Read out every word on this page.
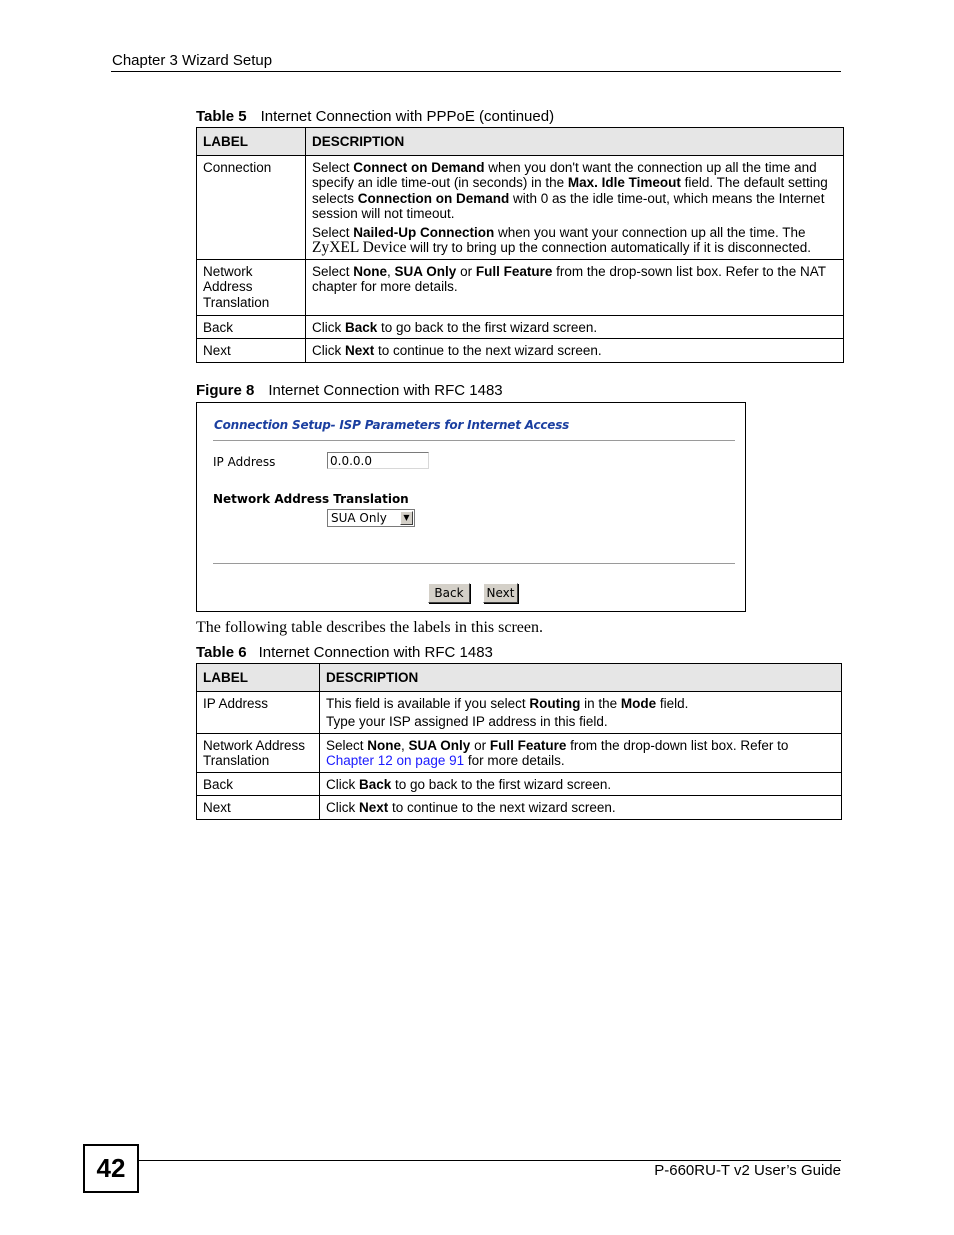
Chapter 3 Wizard Setup
Table 5 Internet Connection with PPPoE (continued)
LABEL	DESCRIPTION
Connection	Select Connect on Demand when you don't want the connection up all the time and specify an idle time-out (in seconds) in the Max. Idle Timeout field. The default setting selects Connection on Demand with 0 as the idle time-out, which means the Internet session will not timeout.

Select Nailed-Up Connection when you want your connection up all the time. The ZyXEL Device will try to bring up the connection automatically if it is disconnected.

Network Address Translation	Select None, SUA Only or Full Feature from the drop-sown list box. Refer to the NAT chapter for more details.
Back	Click Back to go back to the first wizard screen.
Next	Click Next to continue to the next wizard screen.
Figure 8 Internet Connection with RFC 1483
Connection Setup- ISP Parameters for Internet Access
IP Address	0.0.0.0
Network Address Translation
SUA Only	▼
Back	Next
The following table describes the labels in this screen.
Table 6 Internet Connection with RFC 1483
LABEL	DESCRIPTION
IP Address	This field is available if you select Routing in the Mode field.

Type your ISP assigned IP address in this field.

Network Address Translation	Select None, SUA Only or Full Feature from the drop-down list box. Refer to Chapter 12 on page 91 for more details.
Back	Click Back to go back to the first wizard screen.
Next	Click Next to continue to the next wizard screen.
42	P-660RU-T v2 User’s Guide
